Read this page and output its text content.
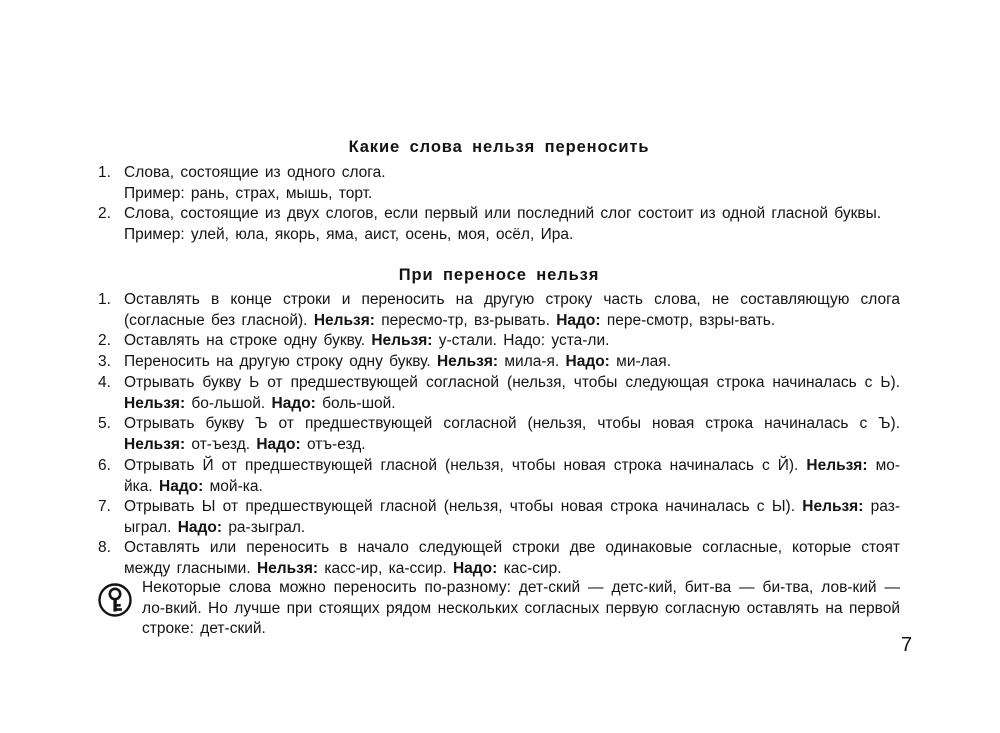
Какие слова нельзя переносить
1. Слова, состоящие из одного слога.
Пример: рань, страх, мышь, торт.
2. Слова, состоящие из двух слогов, если первый или последний слог состоит из одной гласной буквы.
Пример: улей, юла, якорь, яма, аист, осень, моя, осёл, Ира.
При переносе нельзя
1. Оставлять в конце строки и переносить на другую строку часть слова, не составляющую слога (согласные без гласной). Нельзя: пересмо-тр, вз-рывать. Надо: пере-смотр, взры-вать.
2. Оставлять на строке одну букву. Нельзя: у-стали. Надо: уста-ли.
3. Переносить на другую строку одну букву. Нельзя: мила-я. Надо: ми-лая.
4. Отрывать букву Ь от предшествующей согласной (нельзя, чтобы следующая строка начиналась с Ь). Нельзя: бо-льшой. Надо: боль-шой.
5. Отрывать букву Ъ от предшествующей согласной (нельзя, чтобы новая строка начиналась с Ъ). Нельзя: от-ъезд. Надо: отъ-езд.
6. Отрывать Й от предшествующей гласной (нельзя, чтобы новая строка начиналась с Й). Нельзя: мо-йка. Надо: мой-ка.
7. Отрывать Ы от предшествующей гласной (нельзя, чтобы новая строка начиналась с Ы). Нельзя: раз-ыграл. Надо: ра-зыграл.
8. Оставлять или переносить в начало следующей строки две одинаковые согласные, которые стоят между гласными. Нельзя: касс-ир, ка-ссир. Надо: кас-сир.
Некоторые слова можно переносить по-разному: дет-ский — детс-кий, бит-ва — би-тва, лов-кий — ло-вкий. Но лучше при стоящих рядом нескольких согласных первую согласную оставлять на первой строке: дет-ский.
7
